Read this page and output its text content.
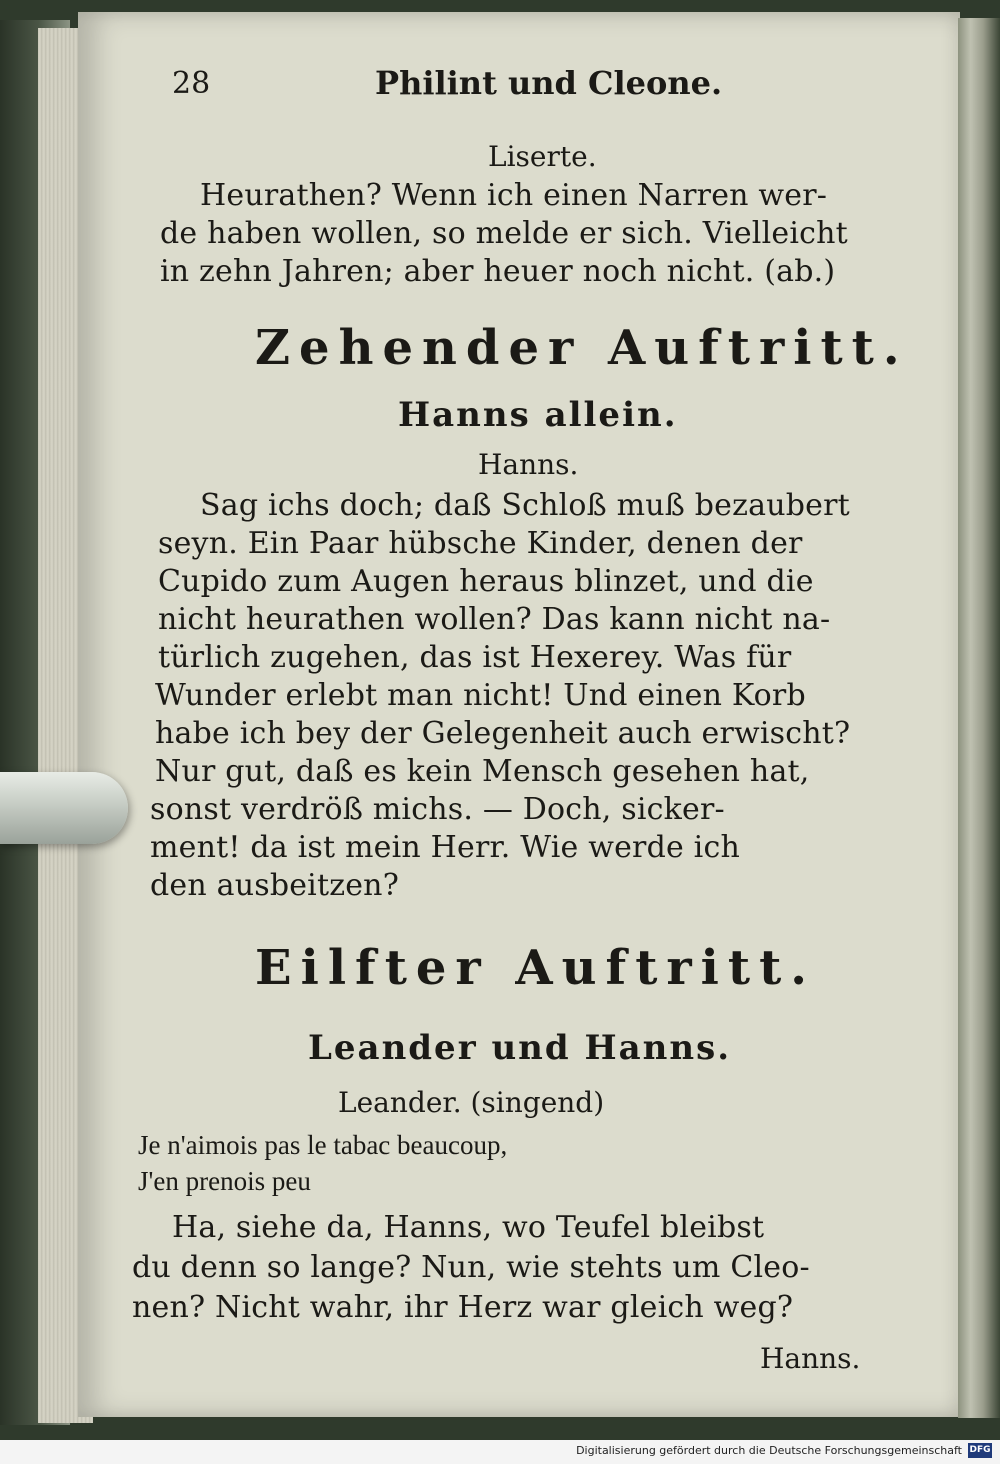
28	Philint und Cleone.
Liserte.
Heurathen? Wenn ich einen Narren wer-
de haben wollen, so melde er sich. Vielleicht
in zehn Jahren; aber heuer noch nicht. (ab.)
Zehender Auftritt.
Hanns allein.
Hanns.
Sag ichs doch; daß Schloß muß bezaubert
seyn. Ein Paar hübsche Kinder, denen der
Cupido zum Augen heraus blinzet, und die
nicht heurathen wollen? Das kann nicht na-
türlich zugehen, das ist Hexerey. Was für
Wunder erlebt man nicht! Und einen Korb
habe ich bey der Gelegenheit auch erwischt?
Nur gut, daß es kein Mensch gesehen hat,
sonst verdröß michs. — Doch, sicker-
ment! da ist mein Herr. Wie werde ich
den ausbeitzen?
Eilfter Auftritt.
Leander und Hanns.
Leander. (singend)
Je n'aimois pas le tabac beaucoup,
J'en prenois peu
Ha, siehe da, Hanns, wo Teufel bleibst
du denn so lange? Nun, wie stehts um Cleo-
nen? Nicht wahr, ihr Herz war gleich weg?
Hanns.
Digitalisierung gefördert durch die Deutsche Forschungsgemeinschaft DFG
